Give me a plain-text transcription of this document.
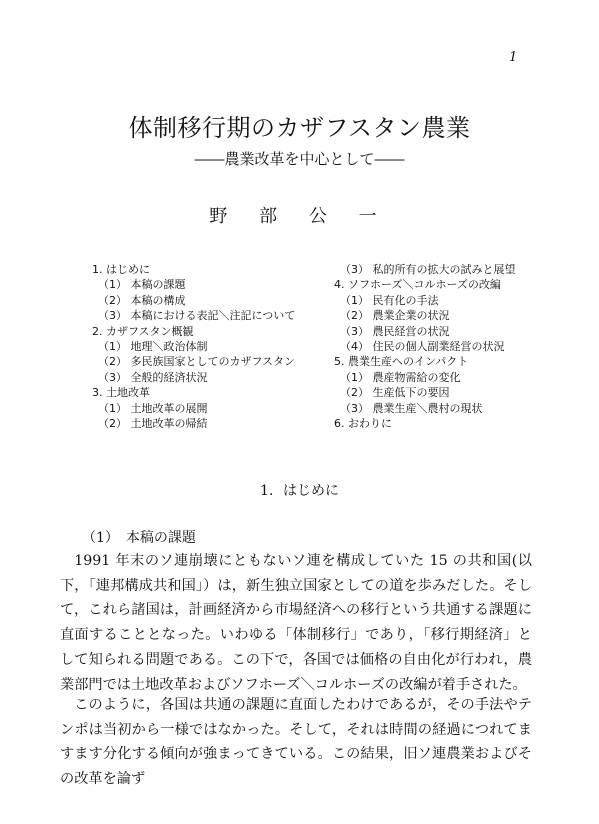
1
体制移行期のカザフスタン農業
――農業改革を中心として――
野 部 公 一
1. はじめに
（1） 本稿の課題
（2） 本稿の構成
（3） 本稿における表記＼注記について
2. カザフスタン概観
（1） 地理＼政治体制
（2） 多民族国家としてのカザフスタン
（3） 全般的経済状況
3. 土地改革
（1） 土地改革の展開
（2） 土地改革の帰結
（3） 私的所有の拡大の試みと展望
4. ソフホーズ＼コルホーズの改編
（1） 民有化の手法
（2） 農業企業の状況
（3） 農民経営の状況
（4） 住民の個人副業経営の状況
5. 農業生産へのインパクト
（1） 農産物需給の変化
（2） 生産低下の要因
（3） 農業生産＼農村の現状
6. おわりに
1．はじめに
（1）　本稿の課題

1991 年末のソ連崩壊にともないソ連を構成していた 15 の共和国(以下，「連邦構成共和国」）は，新生独立国家としての道を歩みだした。そして，これら諸国は，計画経済から市場経済への移行という共通する課題に直面することとなった。いわゆる「体制移行」であり，「移行期経済」として知られる問題である。この下で，各国では価格の自由化が行われ，農業部門では土地改革およびソフホーズ＼コルホーズの改編が着手された。

このように，各国は共通の課題に直面したわけであるが，その手法やテンポは当初から一様ではなかった。そして，それは時間の経過につれてますます分化する傾向が強まってきている。この結果，旧ソ連農業およびその改革を論ず
